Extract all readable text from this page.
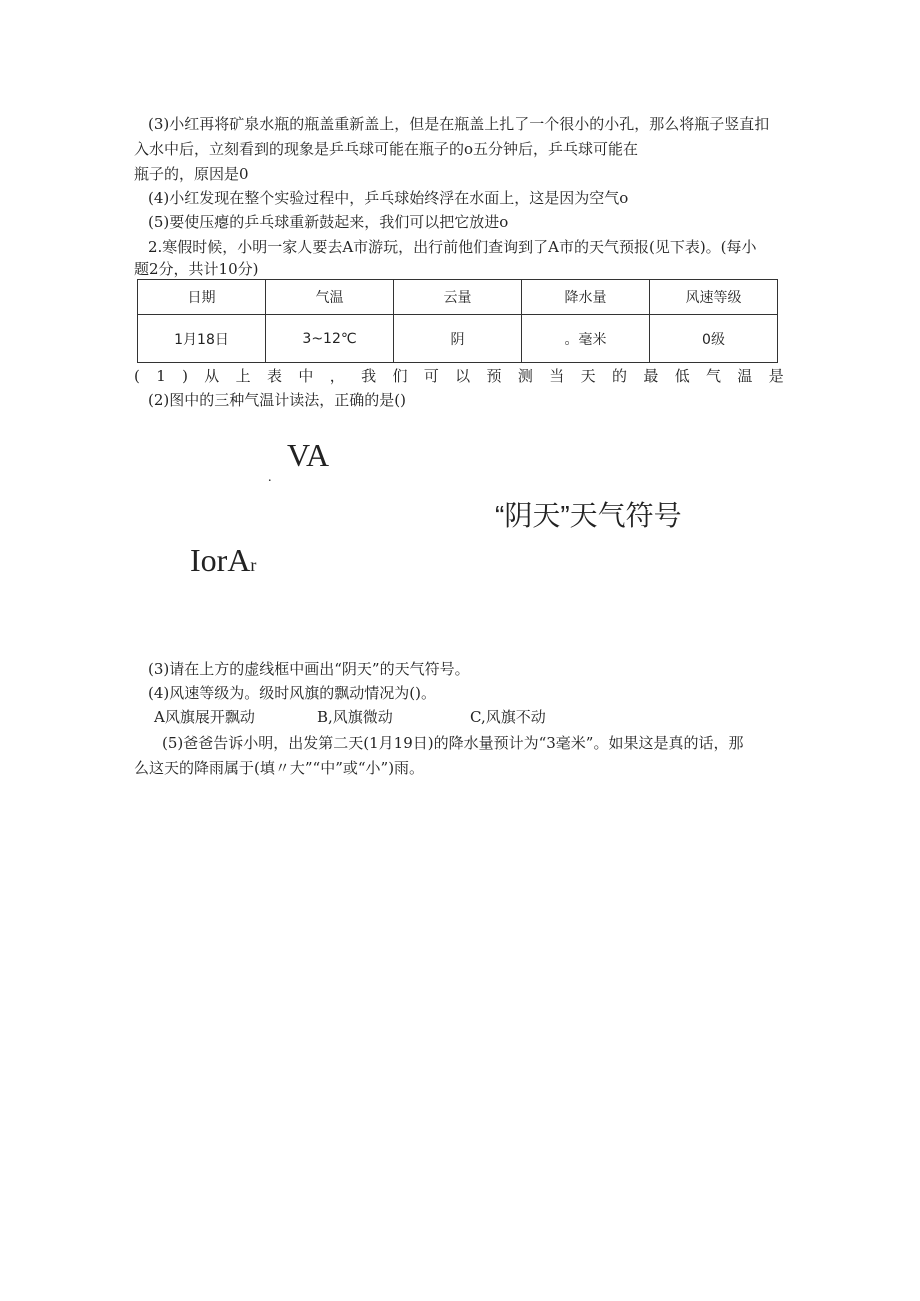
(3)小红再将矿泉水瓶的瓶盖重新盖上，但是在瓶盖上扎了一个很小的小孔，那么将瓶子竖直扣
入水中后，立刻看到的现象是乒乓球可能在瓶子的o五分钟后，乒乓球可能在
瓶子的，原因是0
(4)小红发现在整个实验过程中，乒乓球始终浮在水面上，这是因为空气o
(5)要使压瘪的乒乓球重新鼓起来，我们可以把它放进o
2.寒假时候，小明一家人要去A市游玩，出行前他们查询到了A市的天气预报(见下表)。(每小
题2分，共计10分)
日期	气温	云量	降水量	风速等级
1月18日	3~12℃	阴	。毫米	0级
( 1 ) 从 上 表 中 ， 我 们 可 以 预 测 当 天 的 最 低 气 温 是
(2)图中的三种气温计读法，正确的是()
VA
.
“阴天”天气符号
IorAr
(3)请在上方的虚线框中画出“阴天”的天气符号。
(4)风速等级为。级时风旗的飘动情况为()。
A风旗展开飘动	B,风旗微动	C,风旗不动
(5)爸爸告诉小明，出发第二天(1月19日)的降水量预计为“3毫米”。如果这是真的话，那
么这天的降雨属于(填〃大”“中”或“小”)雨。
